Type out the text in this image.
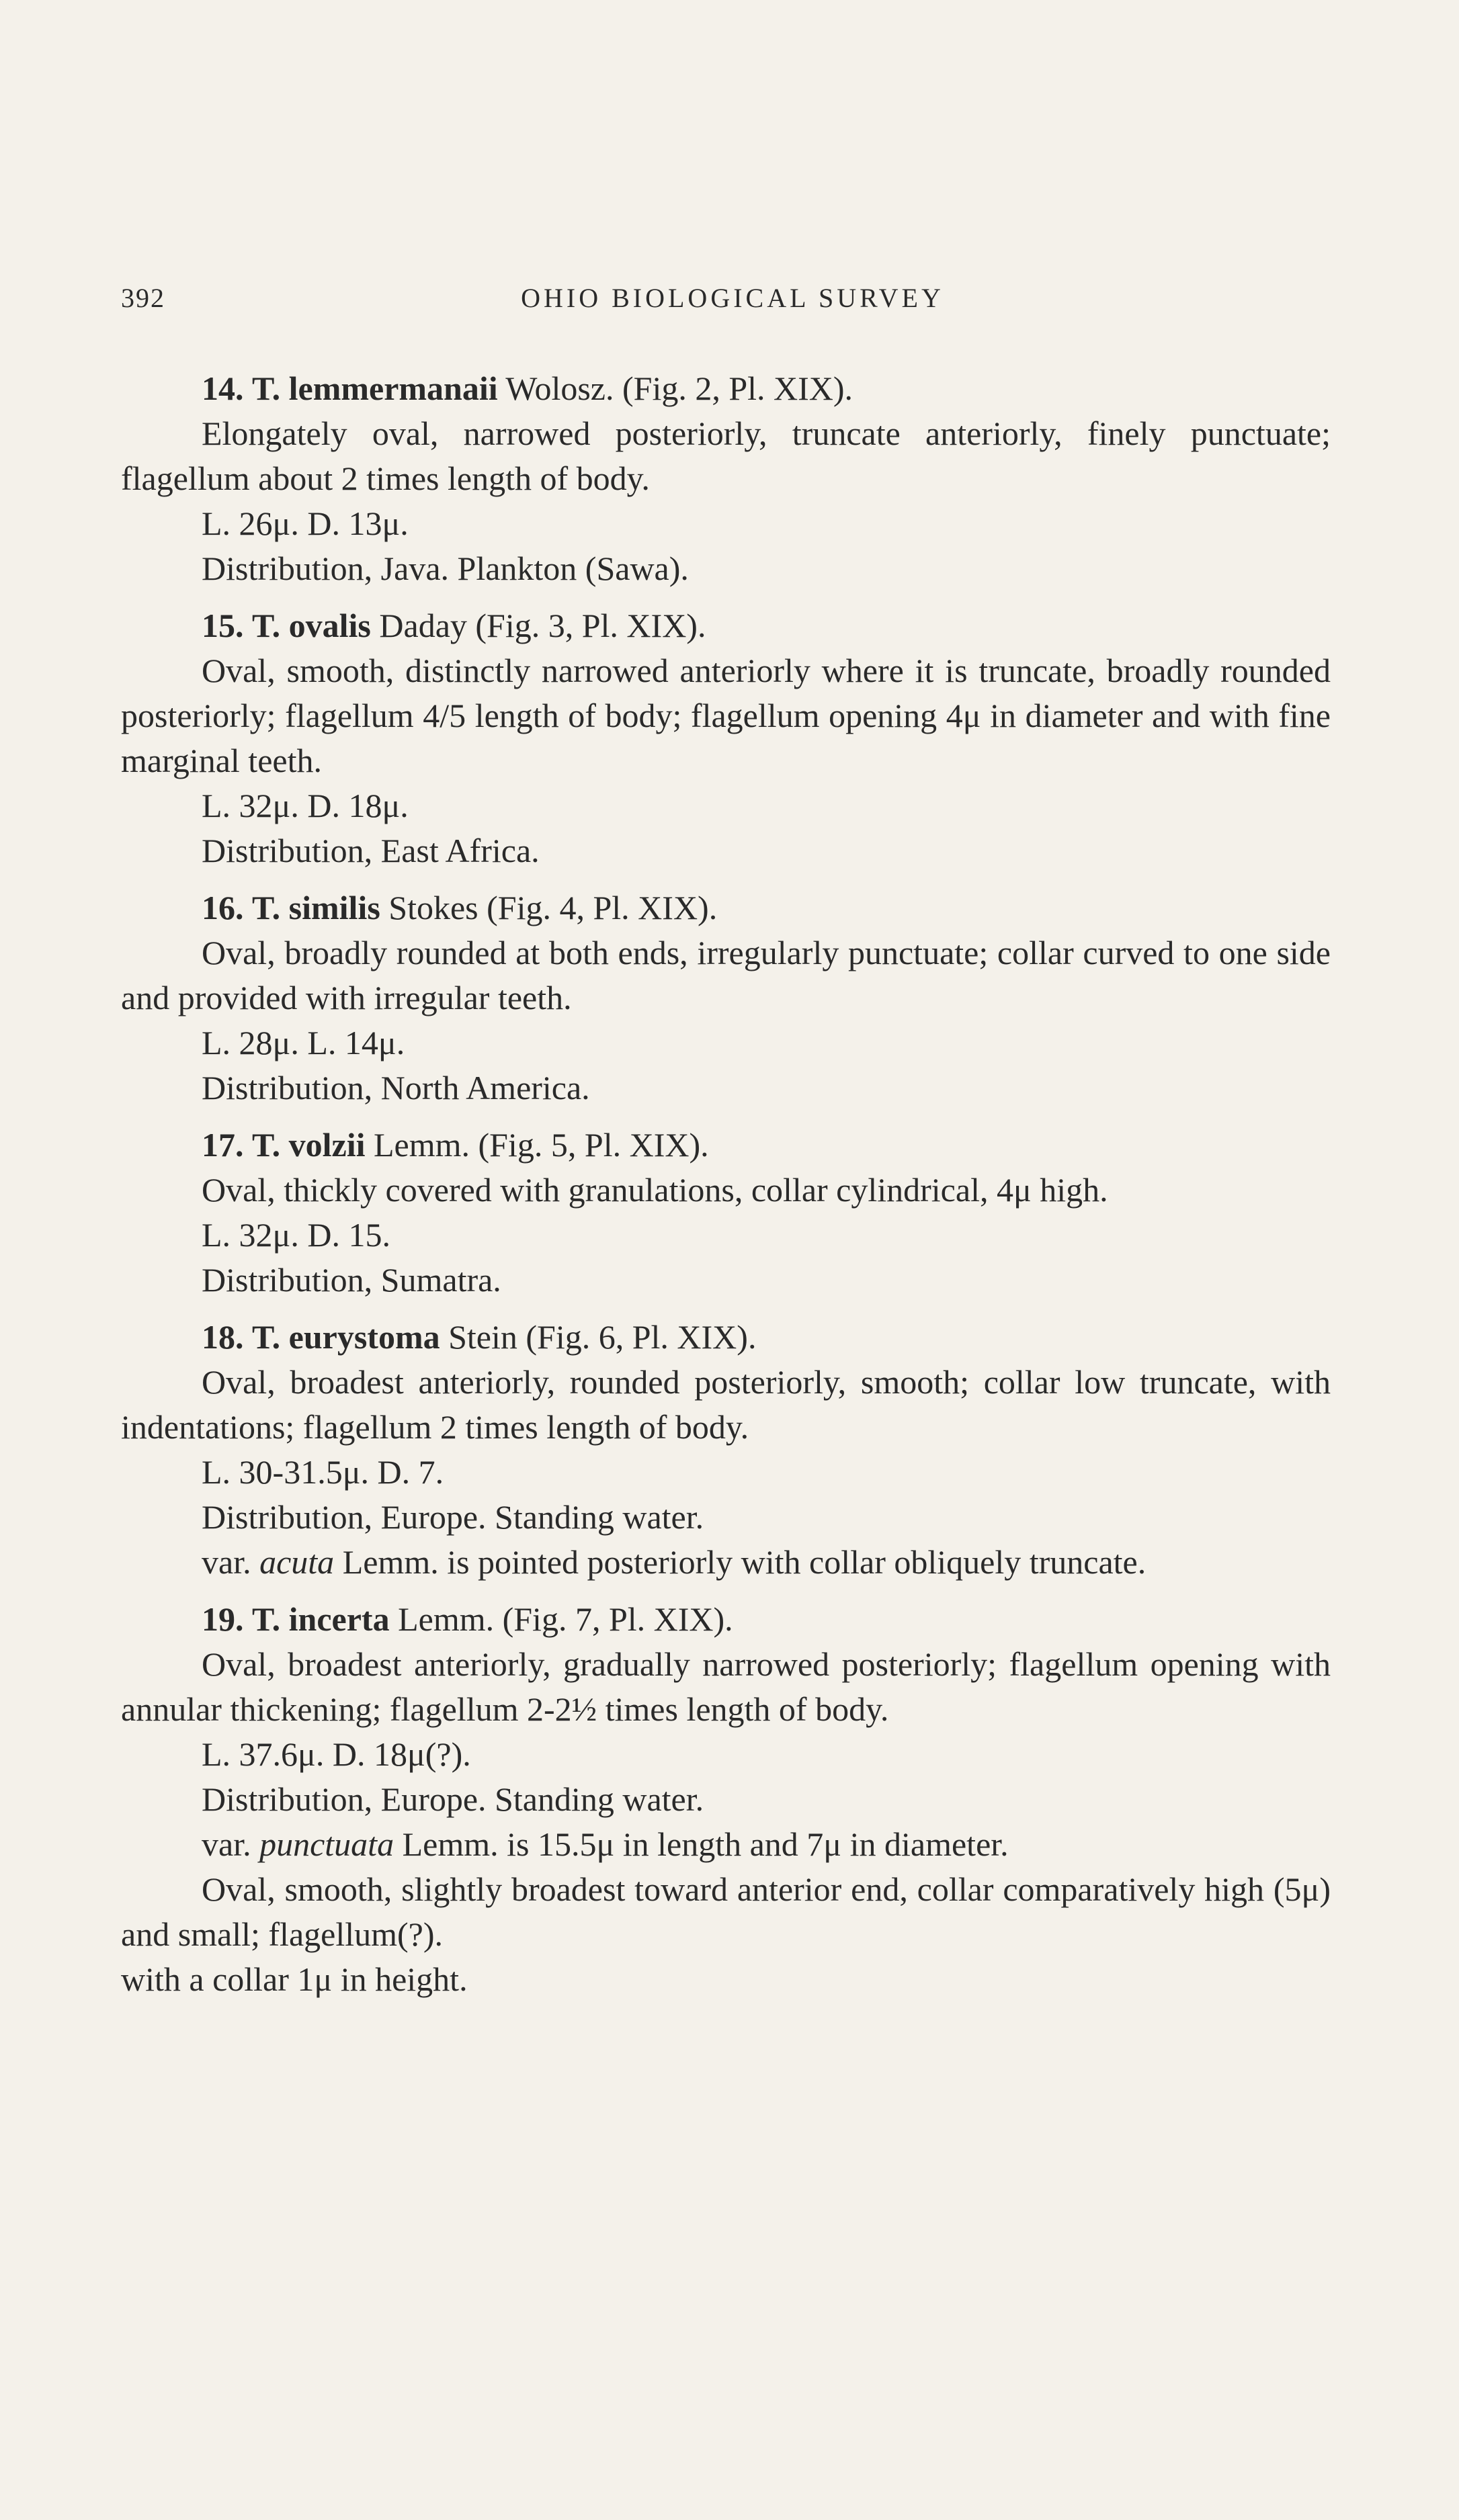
392	OHIO BIOLOGICAL SURVEY

14. T. lemmermanaii Wolosz. (Fig. 2, Pl. XIX).

Elongately oval, narrowed posteriorly, truncate anteriorly, finely punctuate; flagellum about 2 times length of body.

L. 26μ. D. 13μ.

Distribution, Java. Plankton (Sawa).

15. T. ovalis Daday (Fig. 3, Pl. XIX).

Oval, smooth, distinctly narrowed anteriorly where it is truncate, broadly rounded posteriorly; flagellum 4/5 length of body; flagellum opening 4μ in diameter and with fine marginal teeth.

L. 32μ. D. 18μ.

Distribution, East Africa.

16. T. similis Stokes (Fig. 4, Pl. XIX).

Oval, broadly rounded at both ends, irregularly punctuate; collar curved to one side and provided with irregular teeth.

L. 28μ. L. 14μ.

Distribution, North America.

17. T. volzii Lemm. (Fig. 5, Pl. XIX).

Oval, thickly covered with granulations, collar cylindrical, 4μ high.

L. 32μ. D. 15.

Distribution, Sumatra.

18. T. eurystoma Stein (Fig. 6, Pl. XIX).

Oval, broadest anteriorly, rounded posteriorly, smooth; collar low truncate, with indentations; flagellum 2 times length of body.

L. 30-31.5μ. D. 7.

Distribution, Europe. Standing water.

var. acuta Lemm. is pointed posteriorly with collar obliquely truncate.

19. T. incerta Lemm. (Fig. 7, Pl. XIX).

Oval, broadest anteriorly, gradually narrowed posteriorly; flagellum opening with annular thickening; flagellum 2-2½ times length of body.

L. 37.6μ. D. 18μ(?).

Distribution, Europe. Standing water.

var. punctuata Lemm. is 15.5μ in length and 7μ in diameter.

Oval, smooth, slightly broadest toward anterior end, collar comparatively high (5μ) and small; flagellum(?).

with a collar 1μ in height.
